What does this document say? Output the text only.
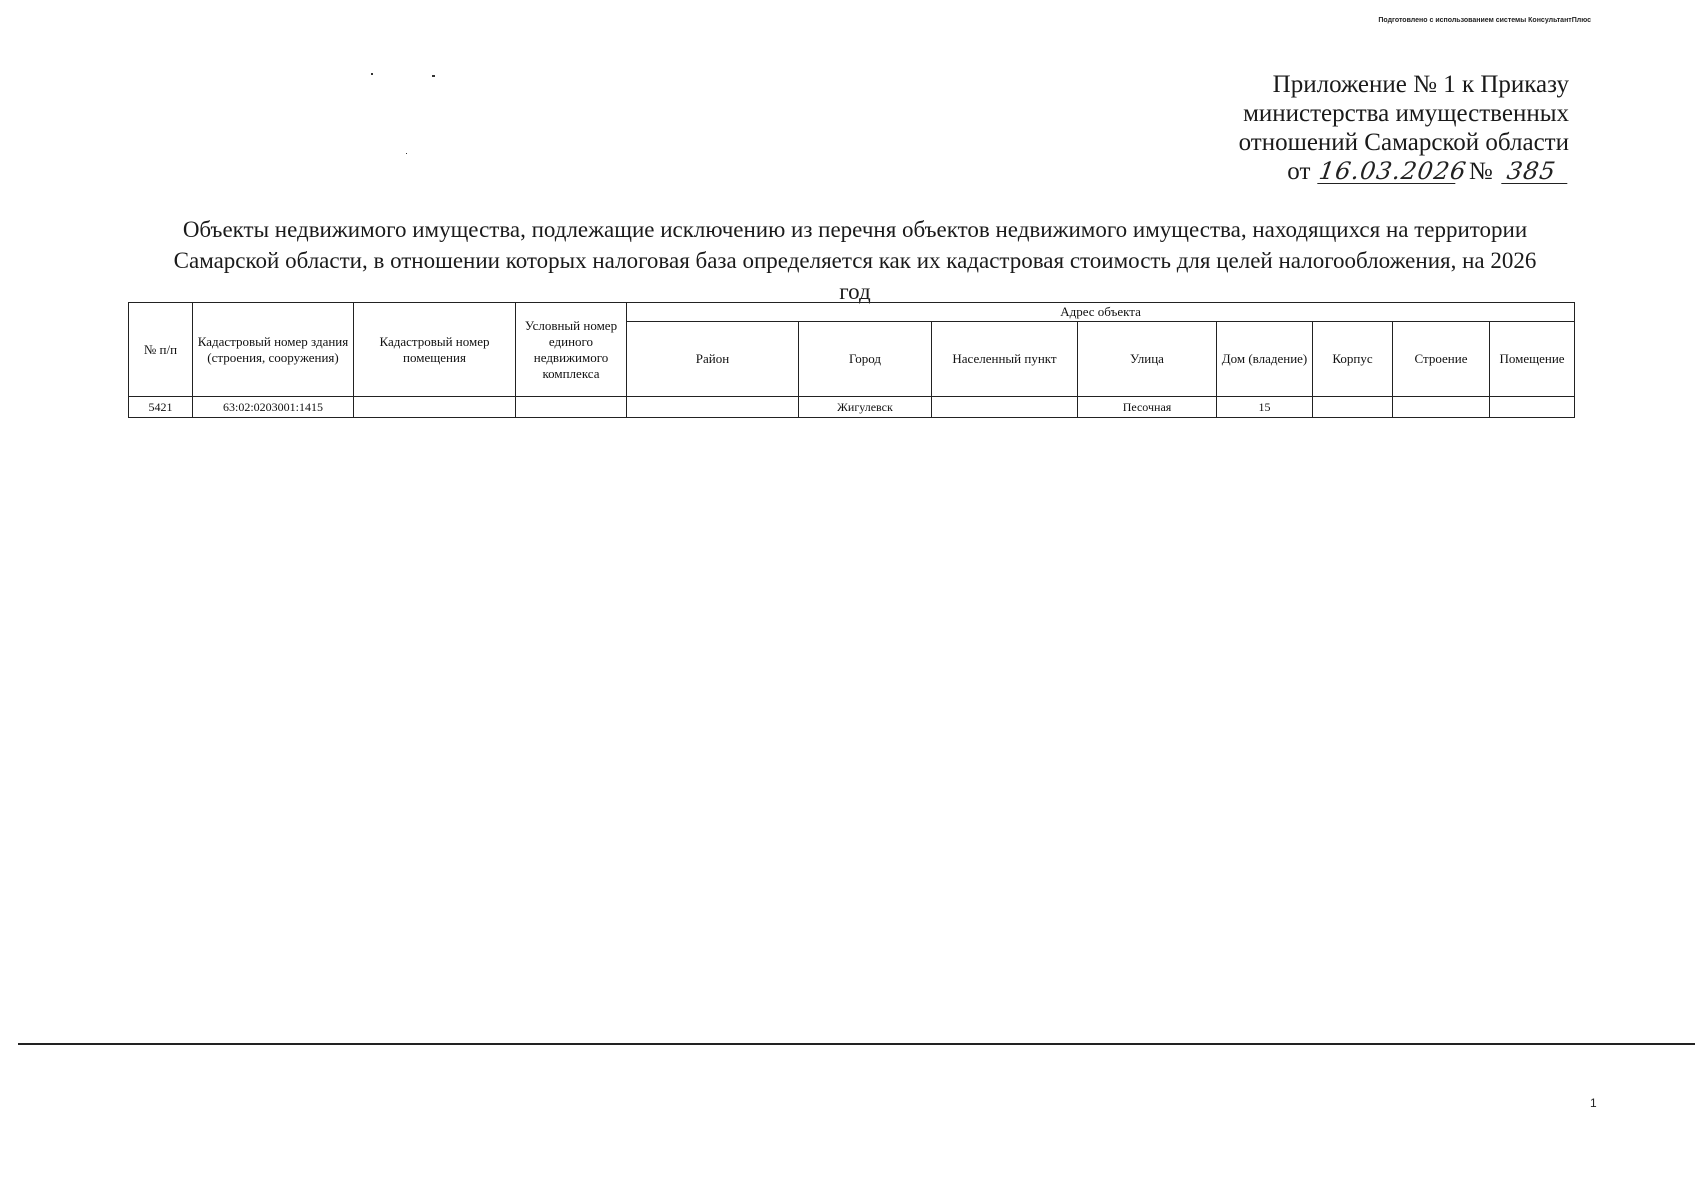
Подготовлено с использованием системы КонсультантПлюс
Приложение № 1 к Приказу
министерства имущественных
отношений Самарской области
от 16.03.2026 № 385
Объекты недвижимого имущества, подлежащие исключению из перечня объектов недвижимого имущества, находящихся на территории Самарской области, в отношении которых налоговая база определяется как их кадастровая стоимость для целей налогообложения, на 2026 год
№ п/п	Кадастровый номер здания (строения, сооружения)	Кадастровый номер помещения	Условный номер единого недвижимого комплекса	Адрес объекта							
				Район	Город	Населенный пункт	Улица	Дом (владение)	Корпус	Строение	Помещение
5421	63:02:0203001:1415				Жигулевск		Песочная	15			
1
